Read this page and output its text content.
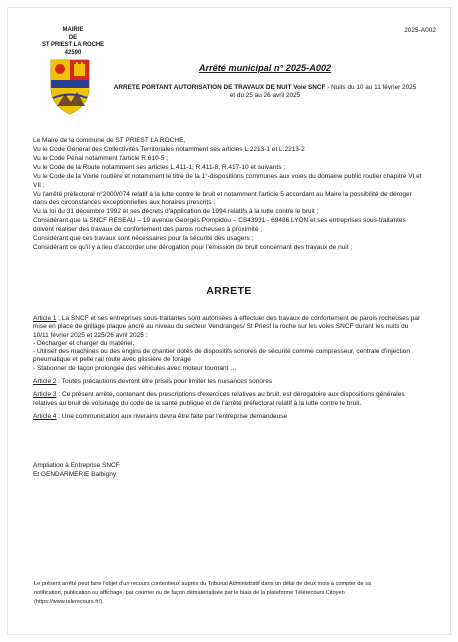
2025-A002
MAIRIE
DE
ST PRIEST LA ROCHE
42590
Arrêté municipal n° 2025-A002
ARRETE PORTANT AUTORISATION DE TRAVAUX DE NUIT Voie SNCF - Nuits du 10 au 11 février 2025 et du 25 au 26 avril 2025

Le Maire de la commune de ST PRIEST LA ROCHE,

Vu le Code Général des Collectivités Territoriales notamment ses articles L.2213-1 et L.2213-2

Vu le Code Pénal notamment l'article R.610-5 ;

Vu le Code de la Route notamment ses articles L.411-1, R.411-8, R.417-10 et suivants ;

Vu le Code de la Voirie routière et notamment le titre de la 1°-dispositions communes aux voies du domaine public routier chapitre VI et VII ;

Vu l'arrêté préfectoral n°2000/074 relatif à la lutte contre le bruit et notamment l'article 5 accordant au Maire la possibilité de déroger dans des circonstances exceptionnelles aux horaires prescrits ;

Vu la loi du 31 décembre 1992 et ses décrets d'application de 1994 relatifs à la lutte contre le bruit ;

Considérant que la SNCF RESEAU – 19 avenue Georges Pompidou – CS43931 - 69486 LYON et ses entreprises sous-traitantes doivent réaliser des travaux de confortement des parois rocheuses à proximité ;

Considérant que ces travaux sont nécessaires pour la sécurité des usagers ;

Considérant ce qu'il y a lieu d'accorder une dérogation pour l'émission de bruit concernant des travaux de nuit ;

ARRETE

Article 1 : La SNCF et ses entreprises sous-traitantes sont autorisées à effectuer des travaux de confortement de parois rocheuses par mise en place de grillage plaque ancré au niveau du secteur Vendranges/ St Priest la roche sur les voies SNCF durant les nuits du 10/11 février 2025 et 225/26 avril 2025 :

- Décharger et charger du matériel,
- Utiliser des machines ou des engins de chantier dotés de dispositifs sonores de sécurité comme compresseur, centrale d'injection pneumatique et pelle rail route avec glissière de forage
- Stationner de façon prolongée des véhicules avec moteur tournant …

Article 2 : Toutes précautions devront être prises pour limiter les nuisances sonores

Article 3 : Ce présent arrêté, contenant des prescriptions d'exercices relatives au bruit, est dérogatoire aux dispositions générales relatives au bruit de voisinage du code de la santé publique et de l'arrêté préfectoral relatif à la lutte contre le bruit.

Article 4 : Une communication aux riverains devra être faite par l'entreprise demandeuse

Ampliation à Entreprise SNCF
Et GENDARMERIE Balbigny
Le présent arrêté peut faire l'objet d'un recours contentieux auprès du Tribunal Administratif dans un délai de deux mois à compter de sa
notification, publication ou affichage, par courrier ou de façon dématérialisée par le biais de la plateforme Télérecours Citoyen
(https://www.telerecours.fr/).
